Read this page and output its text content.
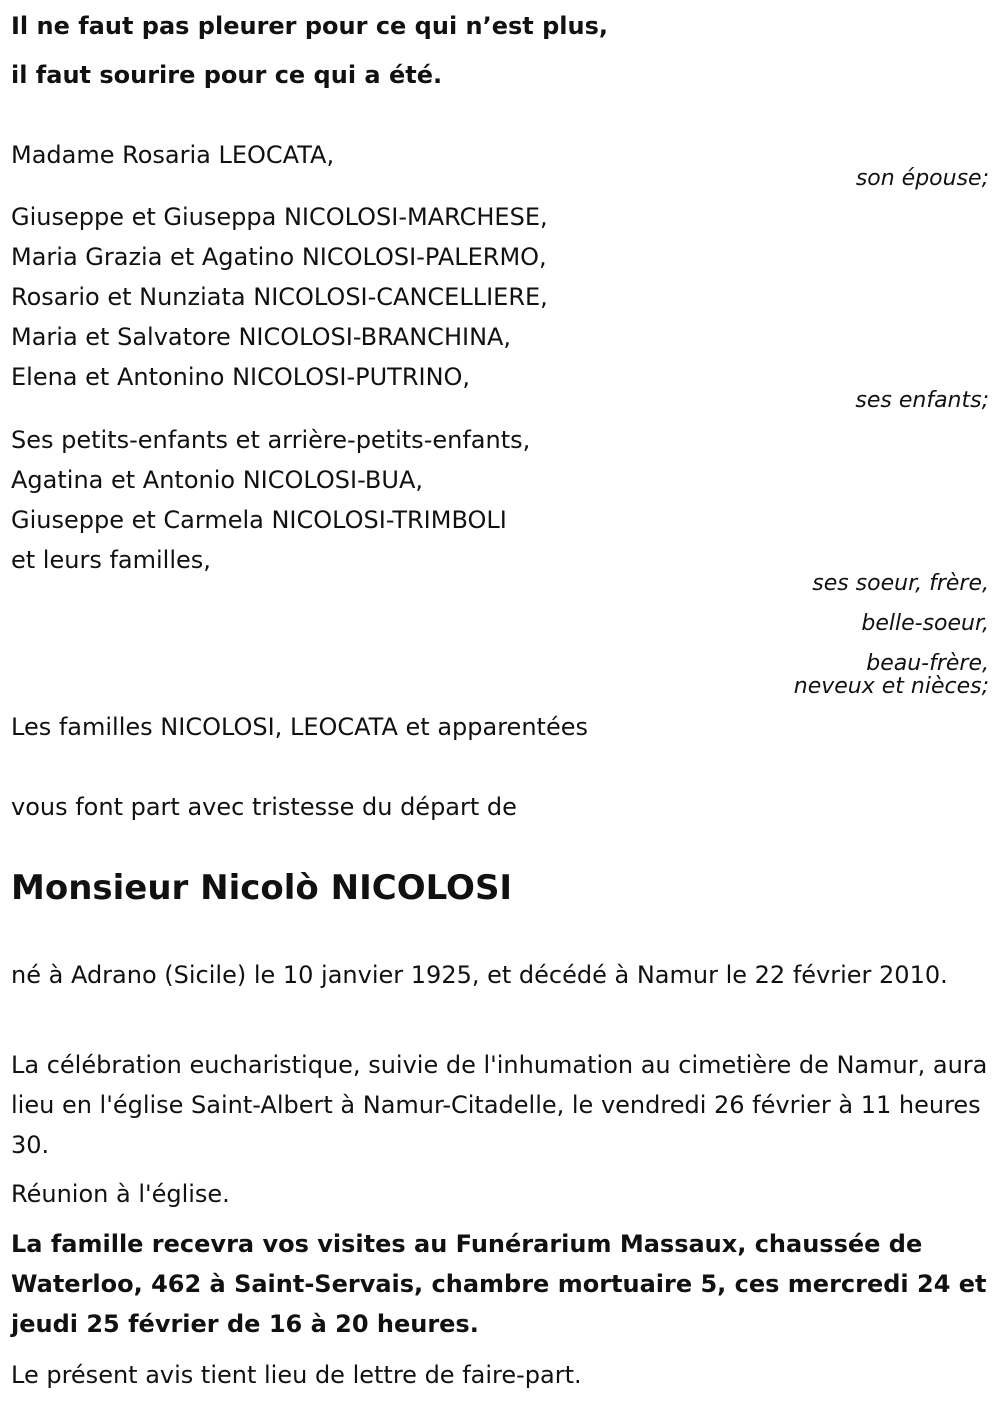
Il ne faut pas pleurer pour ce qui n’est plus,
il faut sourire pour ce qui a été.
Madame Rosaria LEOCATA,
son épouse;
Giuseppe et Giuseppa NICOLOSI-MARCHESE,
Maria Grazia et Agatino NICOLOSI-PALERMO,
Rosario et Nunziata NICOLOSI-CANCELLIERE,
Maria et Salvatore NICOLOSI-BRANCHINA,
Elena et Antonino NICOLOSI-PUTRINO,
ses enfants;
Ses petits-enfants et arrière-petits-enfants,
Agatina et Antonio NICOLOSI-BUA,
Giuseppe et Carmela NICOLOSI-TRIMBOLI
et leurs familles,
ses soeur, frère,
belle-soeur,
beau-frère,
neveux et nièces;
Les familles NICOLOSI, LEOCATA et apparentées
vous font part avec tristesse du départ de
Monsieur Nicolò NICOLOSI
né à Adrano (Sicile) le 10 janvier 1925, et décédé à Namur le 22 février 2010.
La célébration eucharistique, suivie de l'inhumation au cimetière de Namur, aura lieu en l'église Saint-Albert à Namur-Citadelle, le vendredi 26 février à 11 heures 30.
Réunion à l'église.
La famille recevra vos visites au Funérarium Massaux, chaussée de Waterloo, 462 à Saint-Servais, chambre mortuaire 5, ces mercredi 24 et jeudi 25 février de 16 à 20 heures.
Le présent avis tient lieu de lettre de faire-part.
